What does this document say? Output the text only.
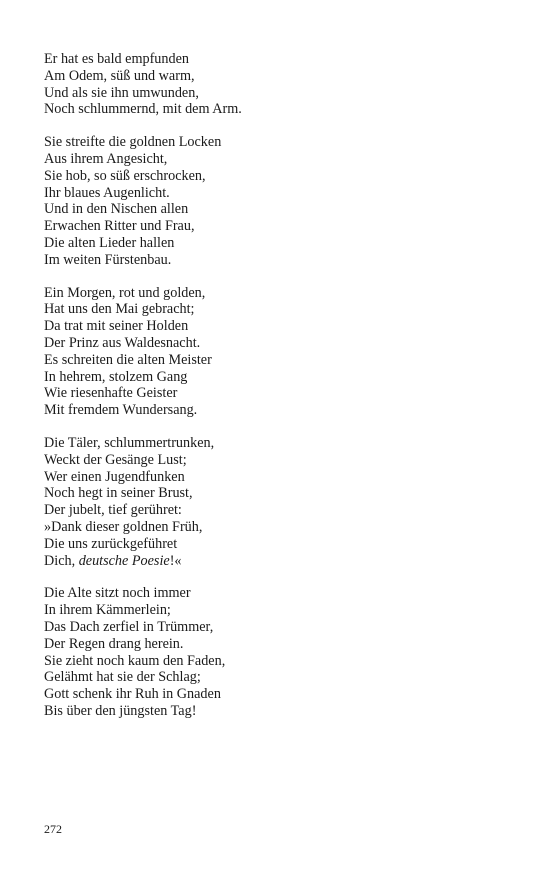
Er hat es bald empfunden
Am Odem, süß und warm,
Und als sie ihn umwunden,
Noch schlummernd, mit dem Arm.
Sie streifte die goldnen Locken
Aus ihrem Angesicht,
Sie hob, so süß erschrocken,
Ihr blaues Augenlicht.
Und in den Nischen allen
Erwachen Ritter und Frau,
Die alten Lieder hallen
Im weiten Fürstenbau.
Ein Morgen, rot und golden,
Hat uns den Mai gebracht;
Da trat mit seiner Holden
Der Prinz aus Waldesnacht.
Es schreiten die alten Meister
In hehrem, stolzem Gang
Wie riesenhafte Geister
Mit fremdem Wundersang.
Die Täler, schlummertrunken,
Weckt der Gesänge Lust;
Wer einen Jugendfunken
Noch hegt in seiner Brust,
Der jubelt, tief gerühret:
»Dank dieser goldnen Früh,
Die uns zurückgeführet
Dich, deutsche Poesie!«
Die Alte sitzt noch immer
In ihrem Kämmerlein;
Das Dach zerfiel in Trümmer,
Der Regen drang herein.
Sie zieht noch kaum den Faden,
Gelähmt hat sie der Schlag;
Gott schenk ihr Ruh in Gnaden
Bis über den jüngsten Tag!
272
